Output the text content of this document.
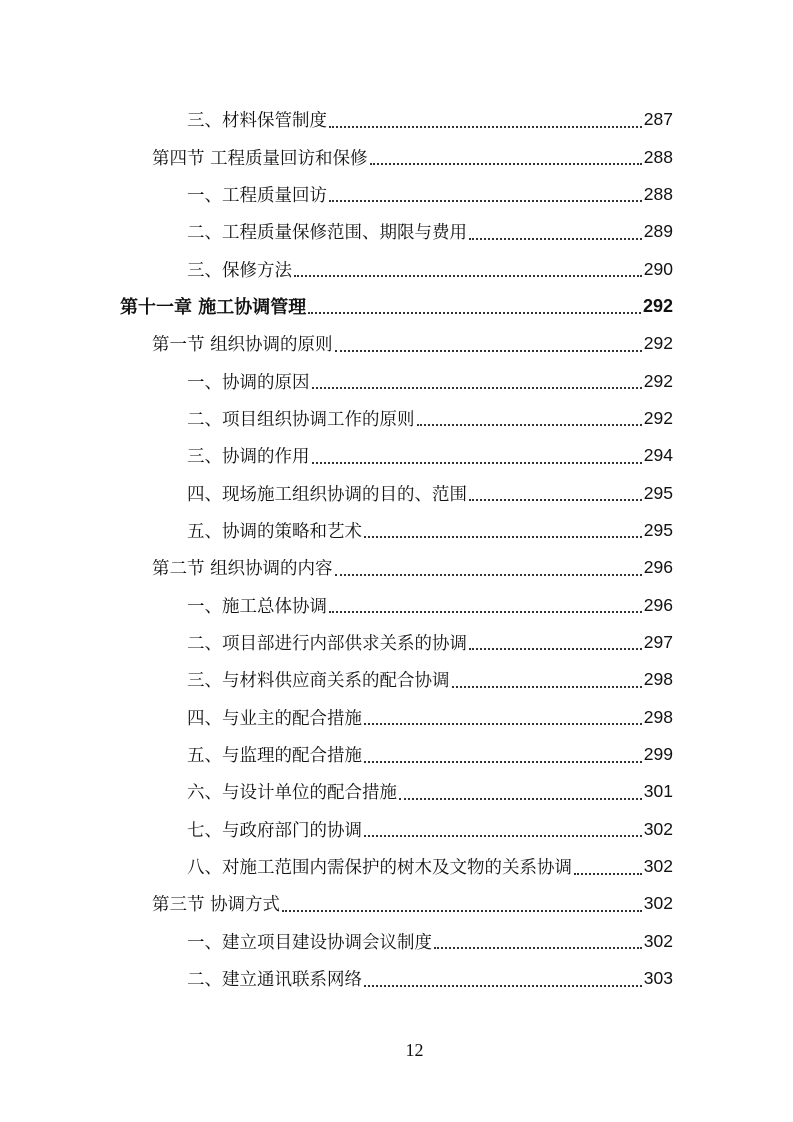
三、材料保管制度	287
第四节 工程质量回访和保修	288
一、工程质量回访	288
二、工程质量保修范围、期限与费用	289
三、保修方法	290
第十一章 施工协调管理	292
第一节 组织协调的原则	292
一、协调的原因	292
二、项目组织协调工作的原则	292
三、协调的作用	294
四、现场施工组织协调的目的、范围	295
五、协调的策略和艺术	295
第二节 组织协调的内容	296
一、施工总体协调	296
二、项目部进行内部供求关系的协调	297
三、与材料供应商关系的配合协调	298
四、与业主的配合措施	298
五、与监理的配合措施	299
六、与设计单位的配合措施	301
七、与政府部门的协调	302
八、对施工范围内需保护的树木及文物的关系协调	302
第三节 协调方式	302
一、建立项目建设协调会议制度	302
二、建立通讯联系网络	303
12
